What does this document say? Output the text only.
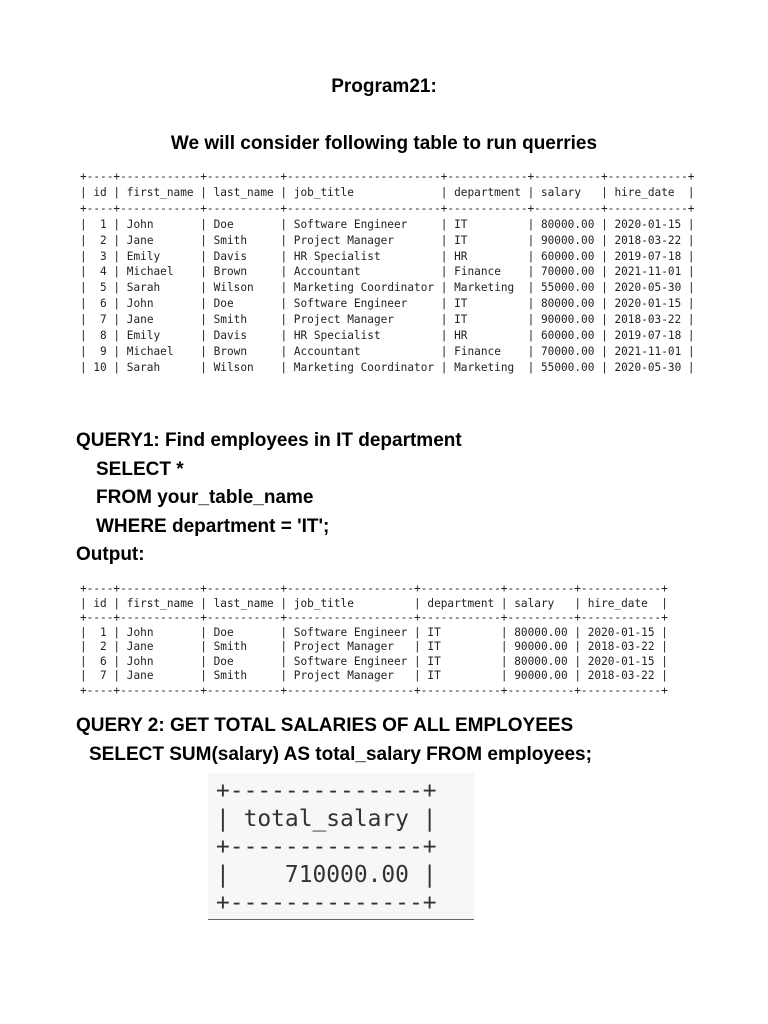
Program21:

We will consider following table to run querries

+----+------------+-----------+-----------------------+------------+----------+------------+
| id | first_name | last_name | job_title	| department | salary   | hire_date  |
+----+------------+-----------+-----------------------+------------+----------+------------+
|  1 | John	| Doe	| Software Engineer     | IT	| 80000.00 | 2020-01-15 |
|  2 | Jane	| Smith     | Project Manager	| IT	| 90000.00 | 2018-03-22 |
|  3 | Emily	| Davis     | HR Specialist	| HR	| 60000.00 | 2019-07-18 |
|  4 | Michael    | Brown     | Accountant	| Finance    | 70000.00 | 2021-11-01 |
|  5 | Sarah	| Wilson    | Marketing Coordinator | Marketing  | 55000.00 | 2020-05-30 |
|  6 | John	| Doe	| Software Engineer     | IT	| 80000.00 | 2020-01-15 |
|  7 | Jane	| Smith     | Project Manager	| IT	| 90000.00 | 2018-03-22 |
|  8 | Emily	| Davis     | HR Specialist	| HR	| 60000.00 | 2019-07-18 |
|  9 | Michael    | Brown     | Accountant	| Finance    | 70000.00 | 2021-11-01 |
| 10 | Sarah	| Wilson    | Marketing Coordinator | Marketing  | 55000.00 | 2020-05-30 |

QUERY1: Find employees in IT department

SELECT *

FROM your_table_name

WHERE department = 'IT';

Output:

+----+------------+-----------+-------------------+------------+----------+------------+
| id | first_name | last_name | job_title	| department | salary   | hire_date  |
+----+------------+-----------+-------------------+------------+----------+------------+
|  1 | John	| Doe	| Software Engineer | IT	| 80000.00 | 2020-01-15 |
|  2 | Jane	| Smith     | Project Manager   | IT	| 90000.00 | 2018-03-22 |
|  6 | John	| Doe	| Software Engineer | IT	| 80000.00 | 2020-01-15 |
|  7 | Jane	| Smith     | Project Manager   | IT	| 90000.00 | 2018-03-22 |
+----+------------+-----------+-------------------+------------+----------+------------+

QUERY 2: GET TOTAL SALARIES OF ALL EMPLOYEES

SELECT SUM(salary) AS total_salary FROM employees;

+--------------+
| total_salary |
+--------------+
|    710000.00 |
+--------------+
